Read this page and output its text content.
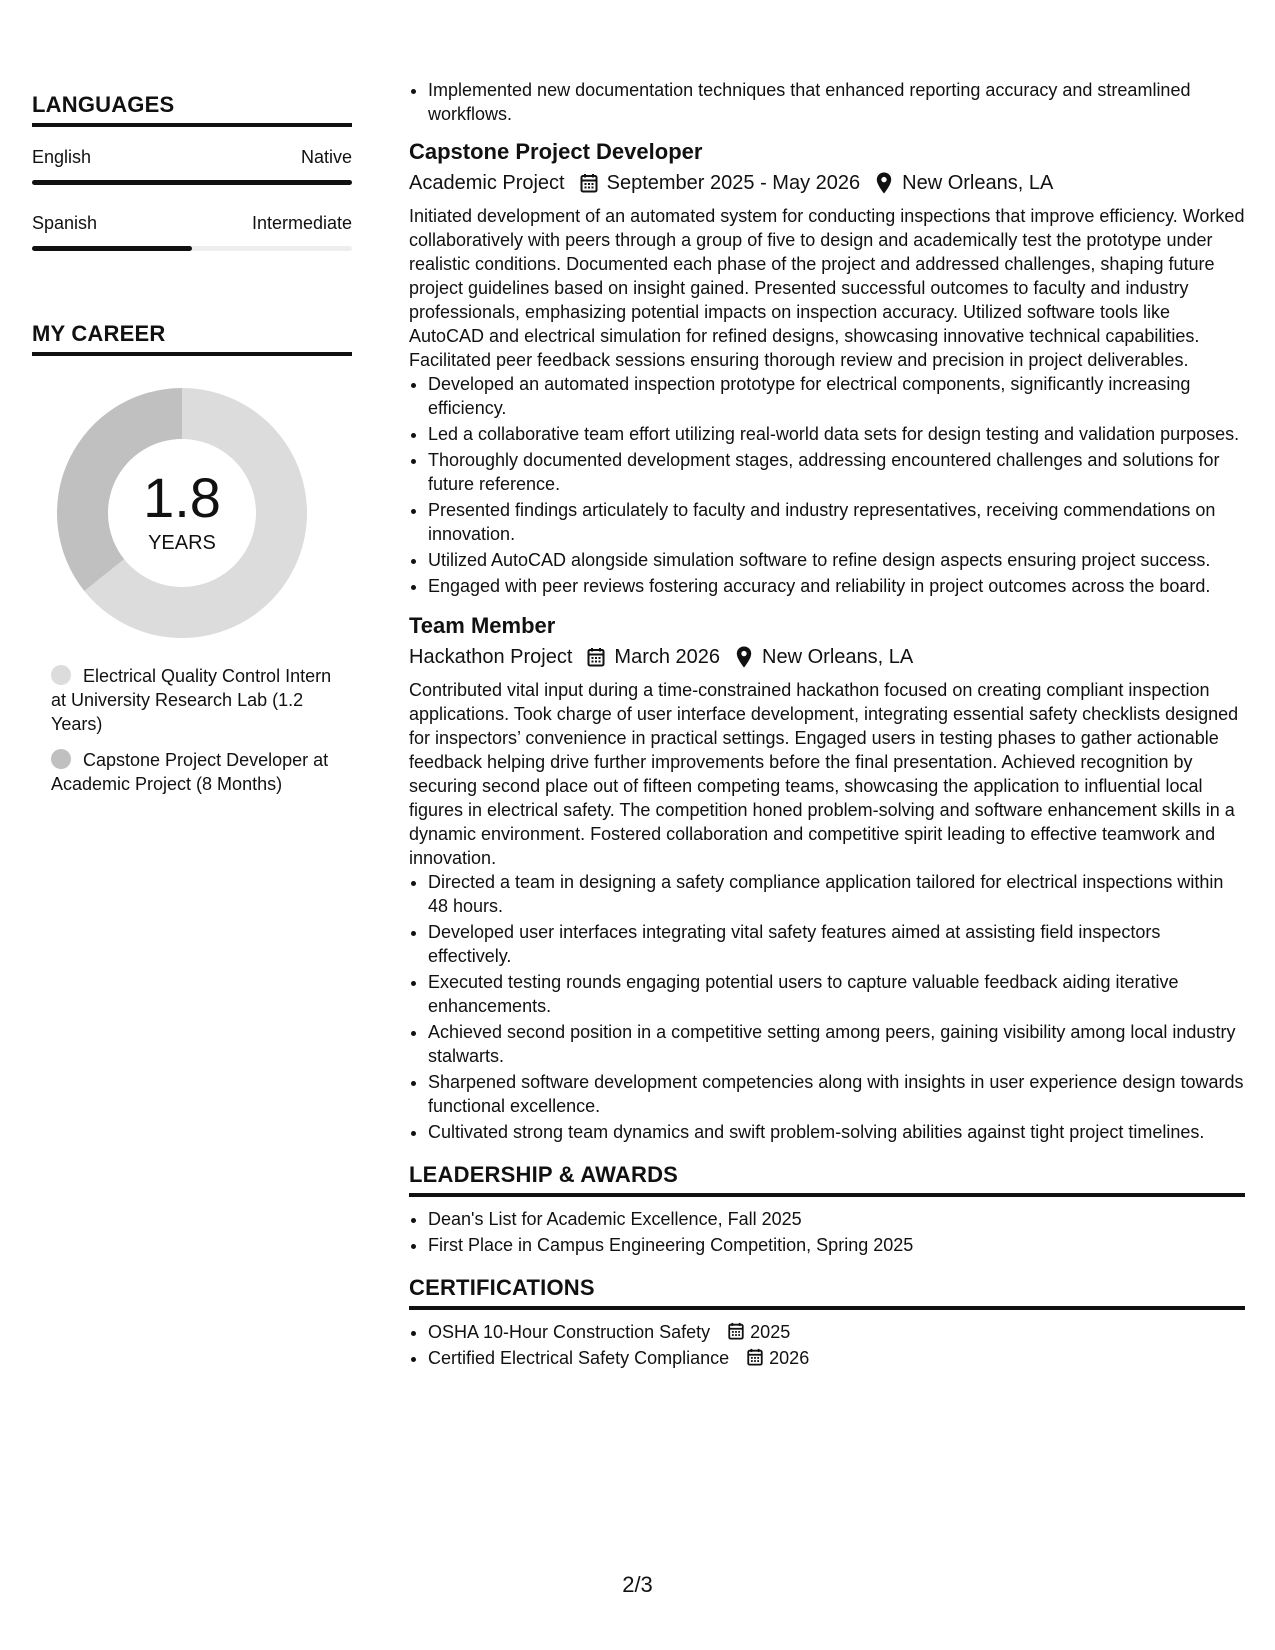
LANGUAGES
English	Native
Spanish	Intermediate
MY CAREER
1.8
YEARS
Electrical Quality Control Intern at University Research Lab (1.2 Years)
Capstone Project Developer at Academic Project (8 Months)
• Implemented new documentation techniques that enhanced reporting accuracy and streamlined workflows.
Capstone Project Developer
Academic Project September 2025 - May 2026 New Orleans, LA
Initiated development of an automated system for conducting inspections that improve efficiency. Worked collaboratively with peers through a group of five to design and academically test the prototype under realistic conditions. Documented each phase of the project and addressed challenges, shaping future project guidelines based on insight gained. Presented successful outcomes to faculty and industry professionals, emphasizing potential impacts on inspection accuracy. Utilized software tools like AutoCAD and electrical simulation for refined designs, showcasing innovative technical capabilities. Facilitated peer feedback sessions ensuring thorough review and precision in project deliverables.
• Developed an automated inspection prototype for electrical components, significantly increasing efficiency.
• Led a collaborative team effort utilizing real-world data sets for design testing and validation purposes.
• Thoroughly documented development stages, addressing encountered challenges and solutions for future reference.
• Presented findings articulately to faculty and industry representatives, receiving commendations on innovation.
• Utilized AutoCAD alongside simulation software to refine design aspects ensuring project success.
• Engaged with peer reviews fostering accuracy and reliability in project outcomes across the board.
Team Member
Hackathon Project March 2026 New Orleans, LA
Contributed vital input during a time-constrained hackathon focused on creating compliant inspection applications. Took charge of user interface development, integrating essential safety checklists designed for inspectors’ convenience in practical settings. Engaged users in testing phases to gather actionable feedback helping drive further improvements before the final presentation. Achieved recognition by securing second place out of fifteen competing teams, showcasing the application to influential local figures in electrical safety. The competition honed problem-solving and software enhancement skills in a dynamic environment. Fostered collaboration and competitive spirit leading to effective teamwork and innovation.
• Directed a team in designing a safety compliance application tailored for electrical inspections within 48 hours.
• Developed user interfaces integrating vital safety features aimed at assisting field inspectors effectively.
• Executed testing rounds engaging potential users to capture valuable feedback aiding iterative enhancements.
• Achieved second position in a competitive setting among peers, gaining visibility among local industry stalwarts.
• Sharpened software development competencies along with insights in user experience design towards functional excellence.
• Cultivated strong team dynamics and swift problem-solving abilities against tight project timelines.
LEADERSHIP & AWARDS
• Dean's List for Academic Excellence, Fall 2025
• First Place in Campus Engineering Competition, Spring 2025
CERTIFICATIONS
• OSHA 10-Hour Construction Safety 2025
• Certified Electrical Safety Compliance 2026
2/3
